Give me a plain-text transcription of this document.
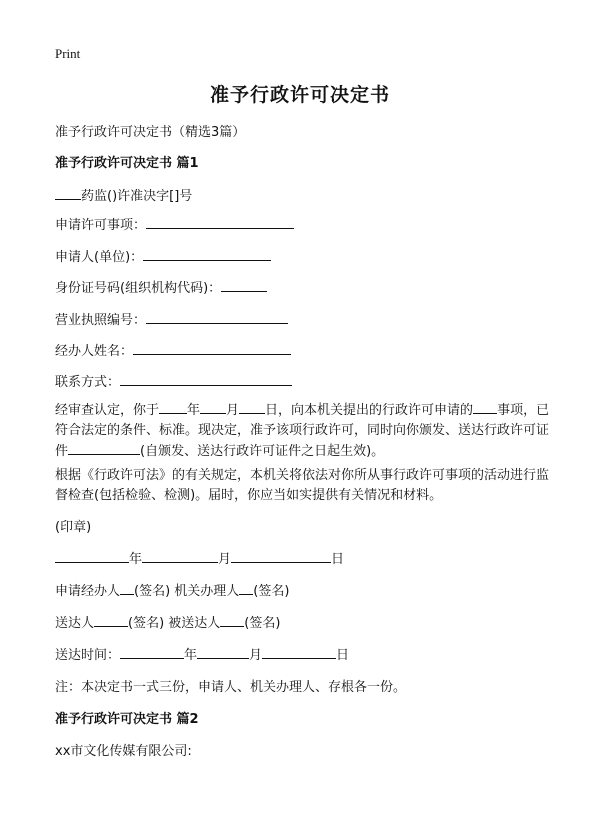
Print
准予行政许可决定书
准予行政许可决定书（精选3篇）
准予行政许可决定书 篇1
药监()许准决字[]号
申请许可事项：
申请人(单位)：
身份证号码(组织机构代码)：
营业执照编号：
经办人姓名：
联系方式：
经审查认定，你于 年 月 日，向本机关提出的行政许可申请的 事项，已符合法定的条件、标准。现决定，准予该项行政许可，同时向你颁发、送达行政许可证件	(自颁发、送达行政许可证件之日起生效)。
根据《行政许可法》的有关规定，本机关将依法对你所从事行政许可事项的活动进行监督检查(包括检验、检测)。届时，你应当如实提供有关情况和材料。
(印章)
年	月	日
申请经办人 (签名) 机关办理人 (签名)
送达人	(签名) 被送达人 (签名)
送达时间：	年	月	日
注：本决定书一式三份，申请人、机关办理人、存根各一份。
准予行政许可决定书 篇2
xx市文化传媒有限公司:
